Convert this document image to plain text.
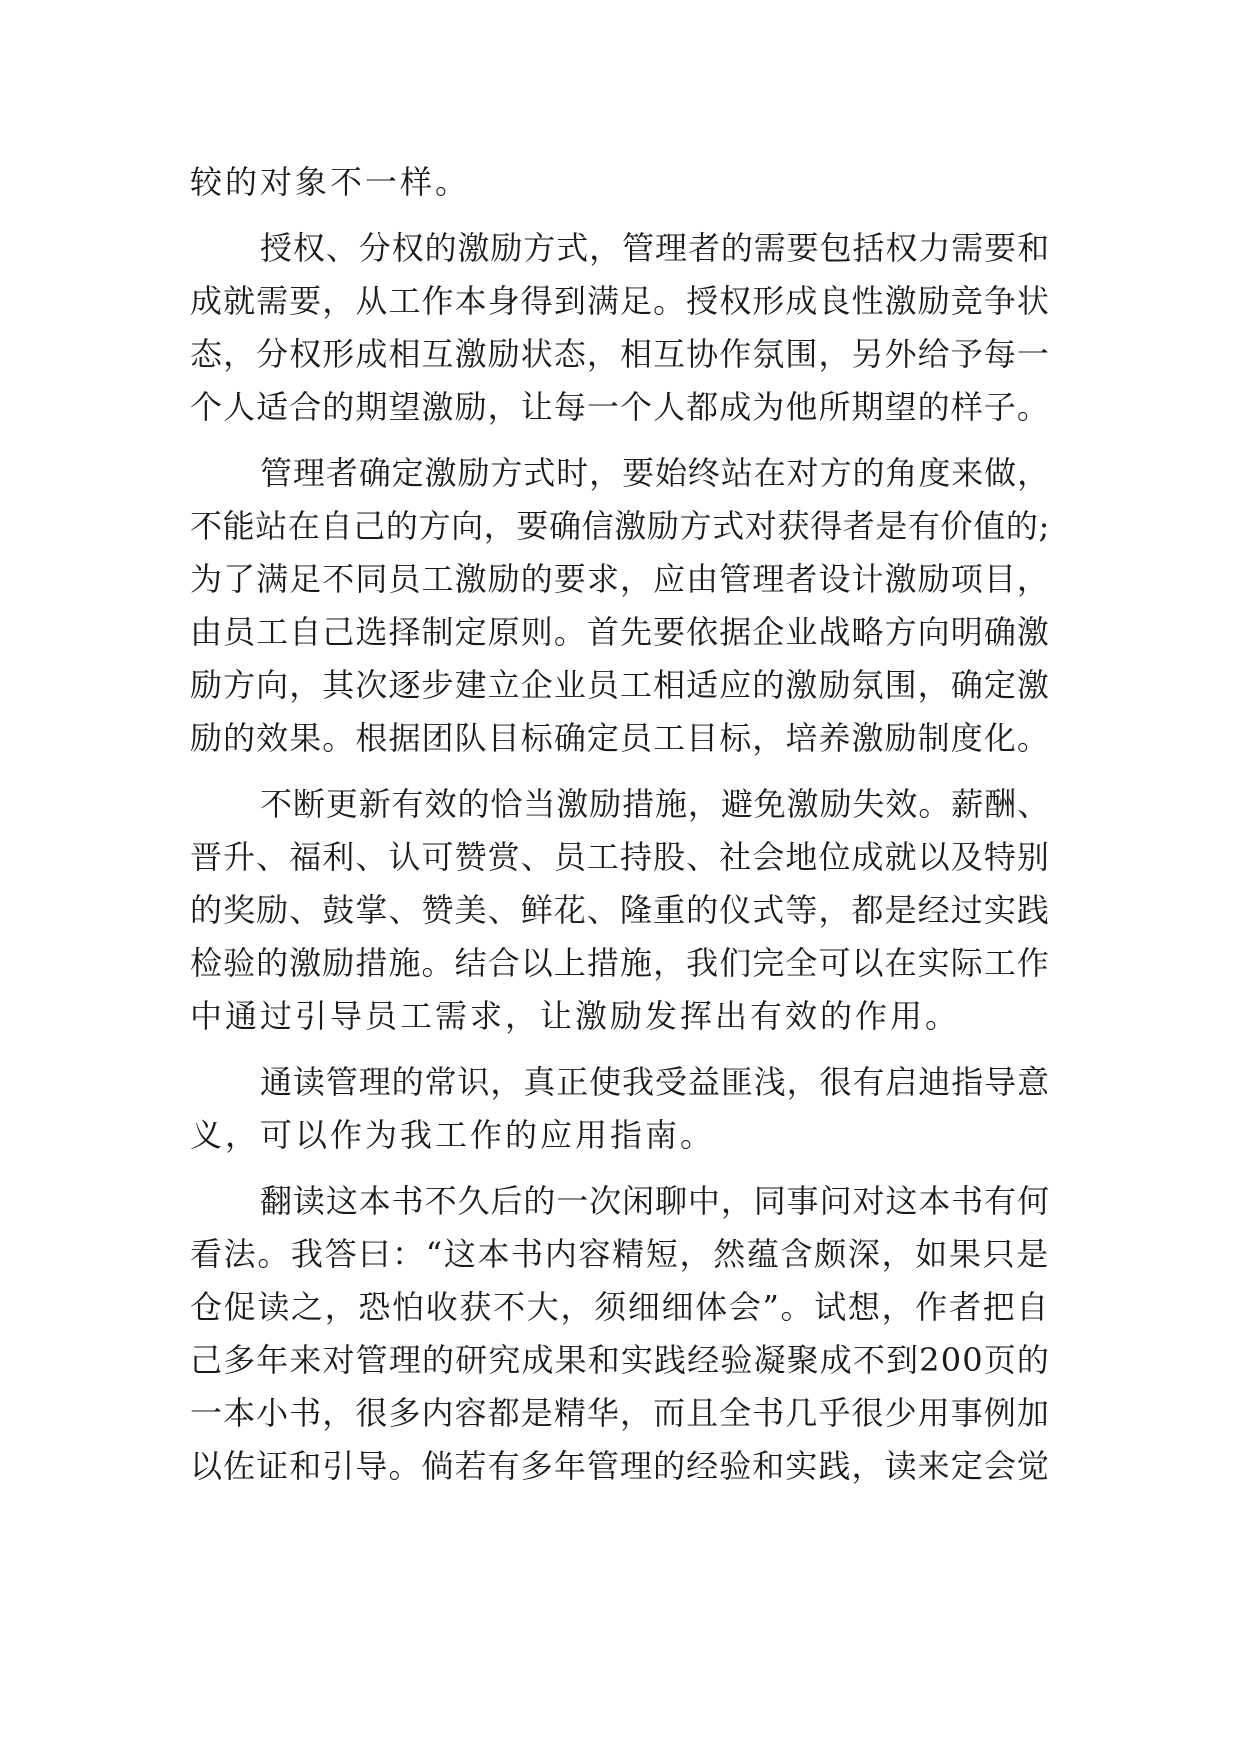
较的对象不一样。
授权、分权的激励方式，管理者的需要包括权力需要和
成就需要，从工作本身得到满足。授权形成良性激励竞争状
态，分权形成相互激励状态，相互协作氛围，另外给予每一
个人适合的期望激励，让每一个人都成为他所期望的样子。
管理者确定激励方式时，要始终站在对方的角度来做，
不能站在自己的方向，要确信激励方式对获得者是有价值的;
为了满足不同员工激励的要求，应由管理者设计激励项目，
由员工自己选择制定原则。首先要依据企业战略方向明确激
励方向，其次逐步建立企业员工相适应的激励氛围，确定激
励的效果。根据团队目标确定员工目标，培养激励制度化。
不断更新有效的恰当激励措施，避免激励失效。薪酬、
晋升、福利、认可赞赏、员工持股、社会地位成就以及特别
的奖励、鼓掌、赞美、鲜花、隆重的仪式等，都是经过实践
检验的激励措施。结合以上措施，我们完全可以在实际工作
中通过引导员工需求，让激励发挥出有效的作用。
通读管理的常识，真正使我受益匪浅，很有启迪指导意
义，可以作为我工作的应用指南。
翻读这本书不久后的一次闲聊中，同事问对这本书有何
看法。我答曰：“这本书内容精短，然蕴含颇深，如果只是
仓促读之，恐怕收获不大，须细细体会”。试想，作者把自
己多年来对管理的研究成果和实践经验凝聚成不到200页的
一本小书，很多内容都是精华，而且全书几乎很少用事例加
以佐证和引导。倘若有多年管理的经验和实践，读来定会觉
